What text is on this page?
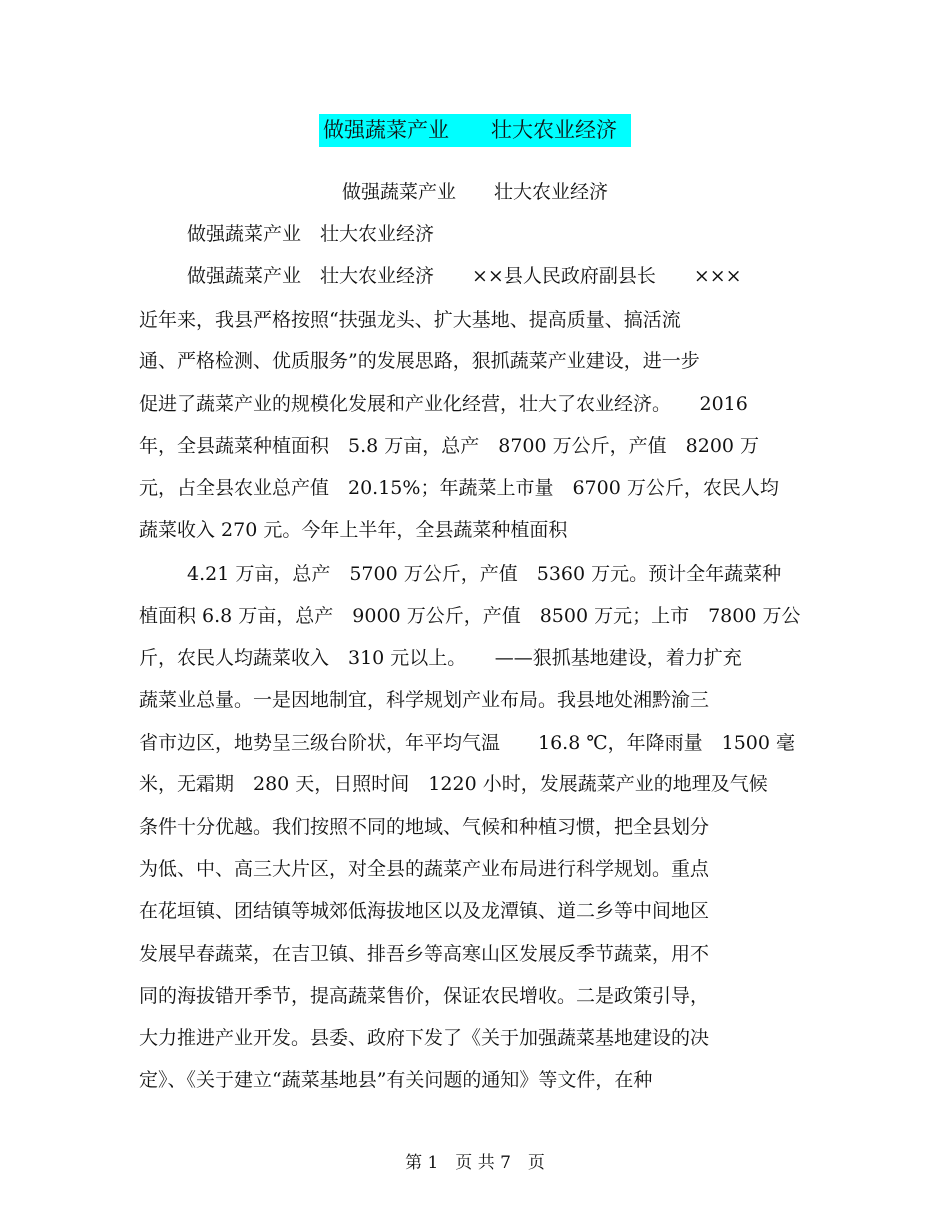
做强蔬菜产业　　壮大农业经济
做强蔬菜产业　　壮大农业经济
做强蔬菜产业　壮大农业经济
做强蔬菜产业　壮大农业经济　　××县人民政府副县长　　×××
近年来，我县严格按照“扶强龙头、扩大基地、提高质量、搞活流
通、严格检测、优质服务”的发展思路，狠抓蔬菜产业建设，进一步
促进了蔬菜产业的规模化发展和产业化经营，壮大了农业经济。　　2016
年，全县蔬菜种植面积　5.8 万亩，总产　8700 万公斤，产值　8200 万
元，占全县农业总产值　20.15%；年蔬菜上市量　6700 万公斤，农民人均
蔬菜收入 270 元。今年上半年，全县蔬菜种植面积
4.21 万亩，总产　5700 万公斤，产值　5360 万元。预计全年蔬菜种
植面积 6.8 万亩，总产　9000 万公斤，产值　8500 万元；上市　7800 万公
斤，农民人均蔬菜收入　310 元以上。　　——狠抓基地建设，着力扩充
蔬菜业总量。一是因地制宜，科学规划产业布局。我县地处湘黔渝三
省市边区，地势呈三级台阶状，年平均气温　　16.8 ℃，年降雨量　1500 毫
米，无霜期　280 天，日照时间　1220 小时，发展蔬菜产业的地理及气候
条件十分优越。我们按照不同的地域、气候和种植习惯，把全县划分
为低、中、高三大片区，对全县的蔬菜产业布局进行科学规划。重点
在花垣镇、团结镇等城郊低海拔地区以及龙潭镇、道二乡等中间地区
发展早春蔬菜，在吉卫镇、排吾乡等高寒山区发展反季节蔬菜，用不
同的海拔错开季节，提高蔬菜售价，保证农民增收。二是政策引导，
大力推进产业开发。县委、政府下发了《关于加强蔬菜基地建设的决
定》、《关于建立“蔬菜基地县”有关问题的通知》等文件，在种
第 1　页 共 7　页
